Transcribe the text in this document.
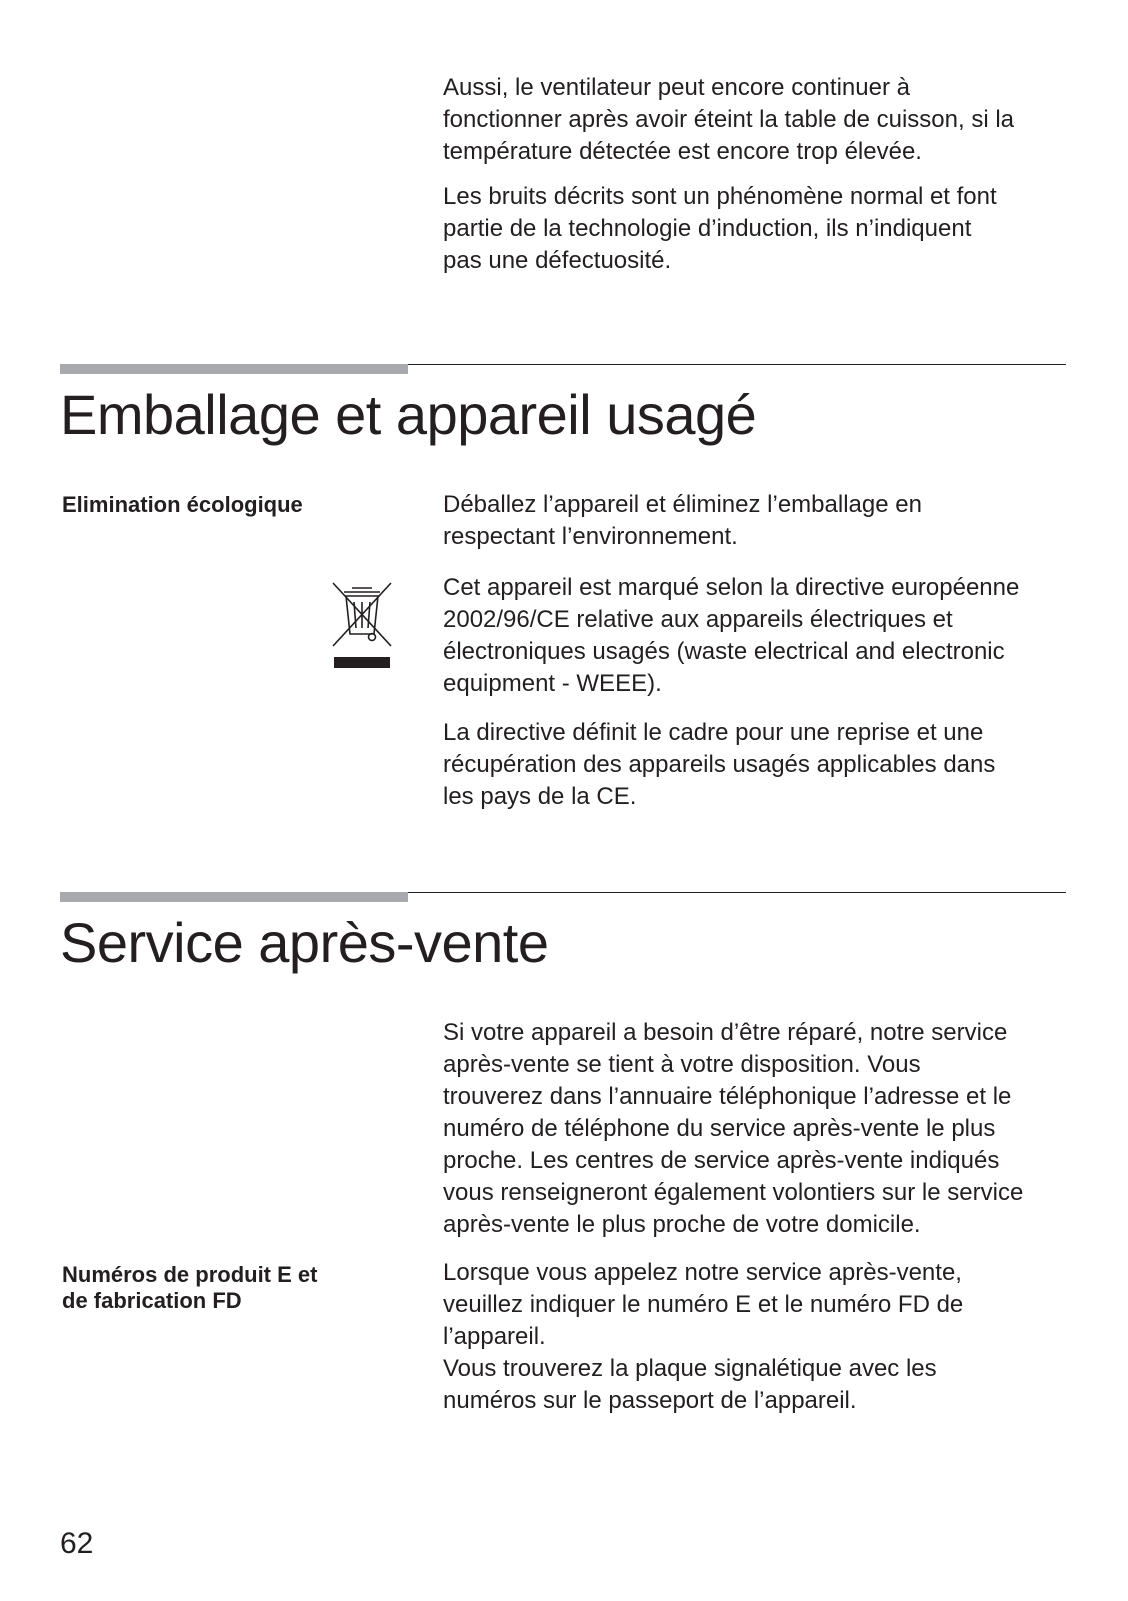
Aussi, le ventilateur peut encore continuer à
fonctionner après avoir éteint la table de cuisson, si la
température détectée est encore trop élevée.

Les bruits décrits sont un phénomène normal et font
partie de la technologie d’induction, ils n’indiquent
pas une défectuosité.

Emballage et appareil usagé
Elimination écologique	Déballez l’appareil et éliminez l’emballage en
respectant l’environnement.

Cet appareil est marqué selon la directive européenne
2002/96/CE relative aux appareils électriques et
électroniques usagés (waste electrical and electronic
equipment - WEEE).

La directive définit le cadre pour une reprise et une
récupération des appareils usagés applicables dans
les pays de la CE.

Service après-vente

Si votre appareil a besoin d’être réparé, notre service
après-vente se tient à votre disposition. Vous
trouverez dans l’annuaire téléphonique l’adresse et le
numéro de téléphone du service après-vente le plus
proche. Les centres de service après-vente indiqués
vous renseigneront également volontiers sur le service
après-vente le plus proche de votre domicile.

Numéros de produit E et
de fabrication FD

Lorsque vous appelez notre service après-vente,
veuillez indiquer le numéro E et le numéro FD de
l’appareil.
Vous trouverez la plaque signalétique avec les
numéros sur le passeport de l’appareil.

62
